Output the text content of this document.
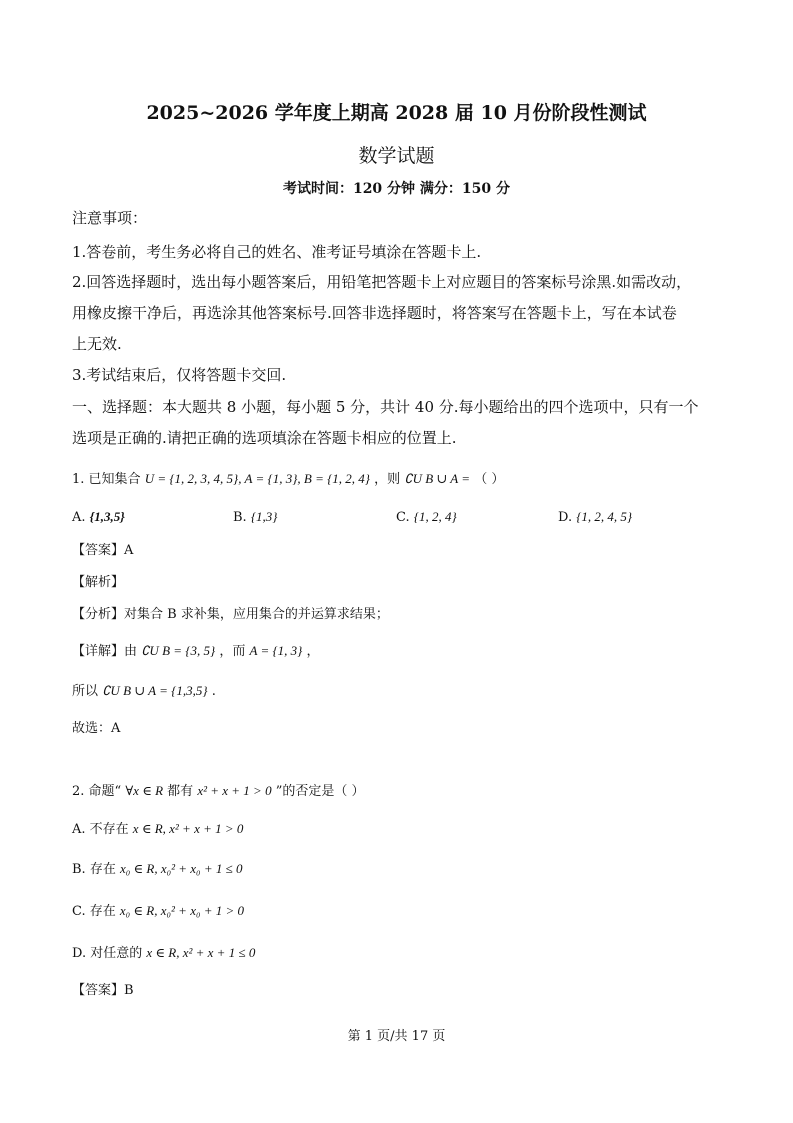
2025~2026 学年度上期高 2028 届 10 月份阶段性测试
数学试题
考试时间：120 分钟 满分：150 分
注意事项：
1.答卷前，考生务必将自己的姓名、准考证号填涂在答题卡上.
2.回答选择题时，选出每小题答案后，用铅笔把答题卡上对应题目的答案标号涂黑.如需改动，
用橡皮擦干净后，再选涂其他答案标号.回答非选择题时，将答案写在答题卡上，写在本试卷
上无效.
3.考试结束后，仅将答题卡交回.
一、选择题：本大题共 8 小题，每小题 5 分，共计 40 分.每小题给出的四个选项中，只有一个
选项是正确的.请把正确的选项填涂在答题卡相应的位置上.
1. 已知集合 U = {1, 2, 3, 4, 5}, A = {1, 3}, B = {1, 2, 4} ，则 ∁U B ∪ A = （ ）
A. {1,3,5}	B. {1,3}	C. {1, 2, 4}	D. {1, 2, 4, 5}
【答案】A
【解析】
【分析】对集合 B 求补集，应用集合的并运算求结果；
【详解】由 ∁U B = {3, 5} ，而 A = {1, 3} ，
所以 ∁U B ∪ A = {1,3,5} .
故选：A
2. 命题“ ∀x ∈ R 都有 x² + x + 1 > 0 ”的否定是（ ）
A. 不存在 x ∈ R, x² + x + 1 > 0
B. 存在 x₀ ∈ R, x₀² + x₀ + 1 ≤ 0
C. 存在 x₀ ∈ R, x₀² + x₀ + 1 > 0
D. 对任意的 x ∈ R, x² + x + 1 ≤ 0
【答案】B
第 1 页/共 17 页
